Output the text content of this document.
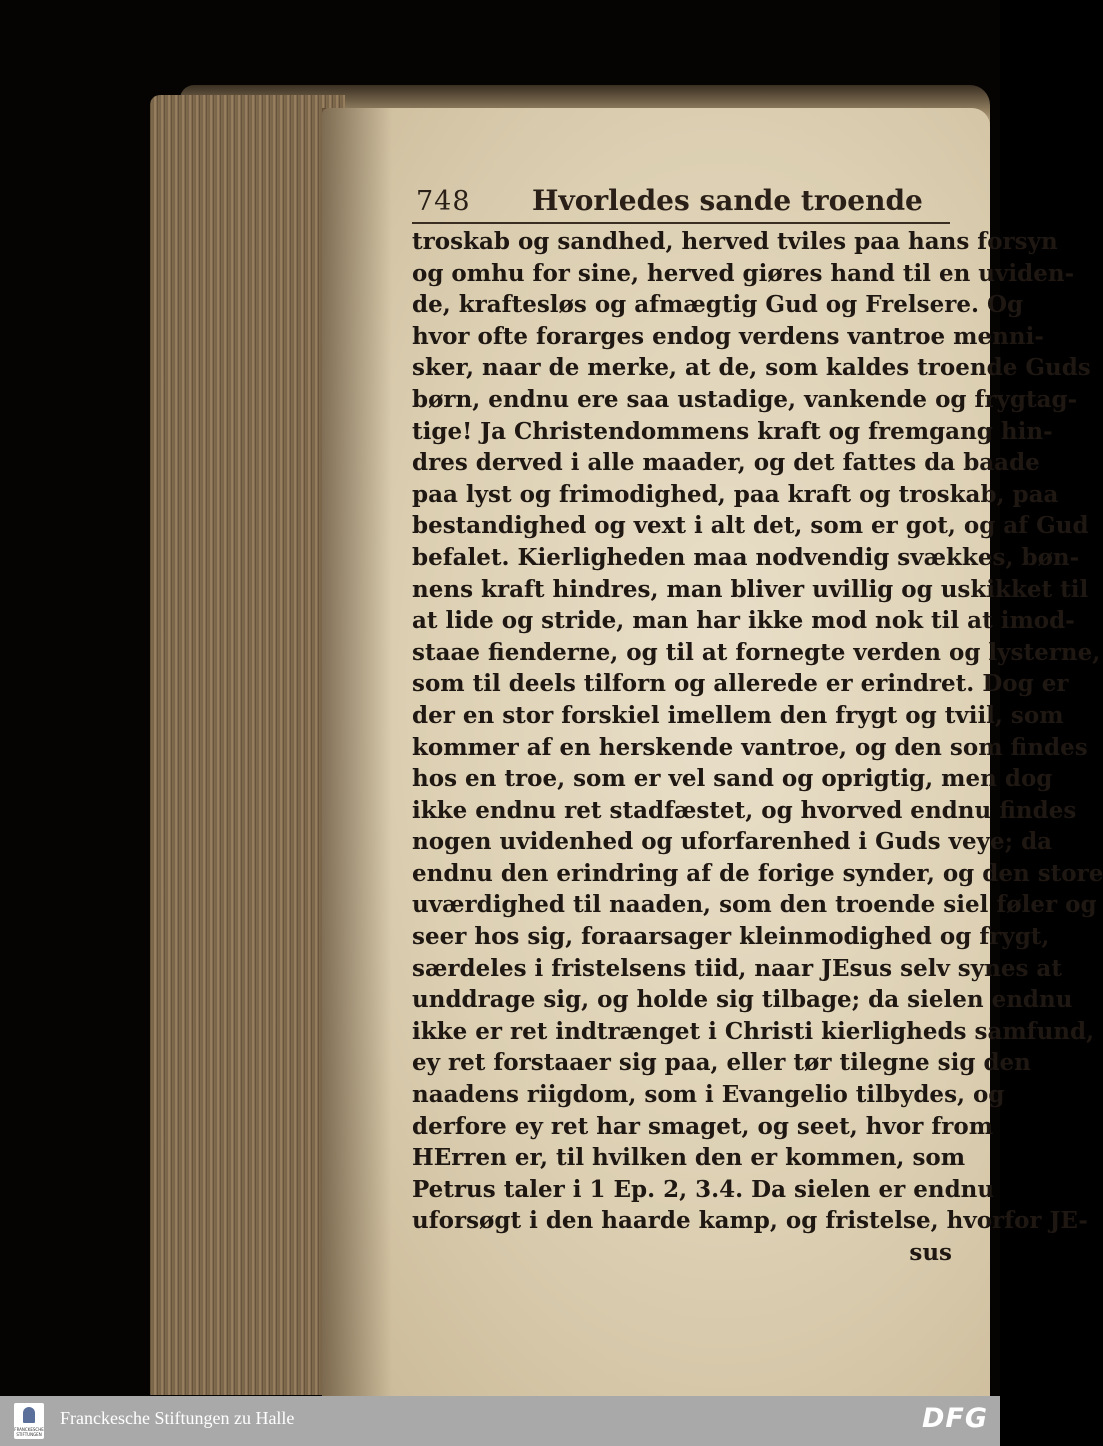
748 Hvorledes sande troende
troskab og sandhed, herved tviles paa hans forsyn
og omhu for sine, herved giøres hand til en uviden-
de, kraftesløs og afmægtig Gud og Frelsere. Og
hvor ofte forarges endog verdens vantroe menni-
sker, naar de merke, at de, som kaldes troende Guds
børn, endnu ere saa ustadige, vankende og frygtag-
tige! Ja Christendommens kraft og fremgang hin-
dres derved i alle maader, og det fattes da baade
paa lyst og frimodighed, paa kraft og troskab, paa
bestandighed og vext i alt det, som er got, og af Gud
befalet. Kierligheden maa nodvendig svækkes, bøn-
nens kraft hindres, man bliver uvillig og uskikket til
at lide og stride, man har ikke mod nok til at imod-
staae fienderne, og til at fornegte verden og lysterne,
som til deels tilforn og allerede er erindret. Dog er
der en stor forskiel imellem den frygt og tviil, som
kommer af en herskende vantroe, og den som findes
hos en troe, som er vel sand og oprigtig, men dog
ikke endnu ret stadfæstet, og hvorved endnu findes
nogen uvidenhed og uforfarenhed i Guds veye; da
endnu den erindring af de forige synder, og den store
uværdighed til naaden, som den troende siel føler og
seer hos sig, foraarsager kleinmodighed og frygt,
særdeles i fristelsens tiid, naar JEsus selv synes at
unddrage sig, og holde sig tilbage; da sielen endnu
ikke er ret indtrænget i Christi kierligheds samfund,
ey ret forstaaer sig paa, eller tør tilegne sig den
naadens riigdom, som i Evangelio tilbydes, og
derfore ey ret har smaget, og seet, hvor from
HErren er, til hvilken den er kommen, som
Petrus taler i 1 Ep. 2, 3.4. Da sielen er endnu
uforsøgt i den haarde kamp, og fristelse, hvorfor JE-
sus
FRANCKESCHE STIFTUNGEN
Franckesche Stiftungen zu Halle	DFG
